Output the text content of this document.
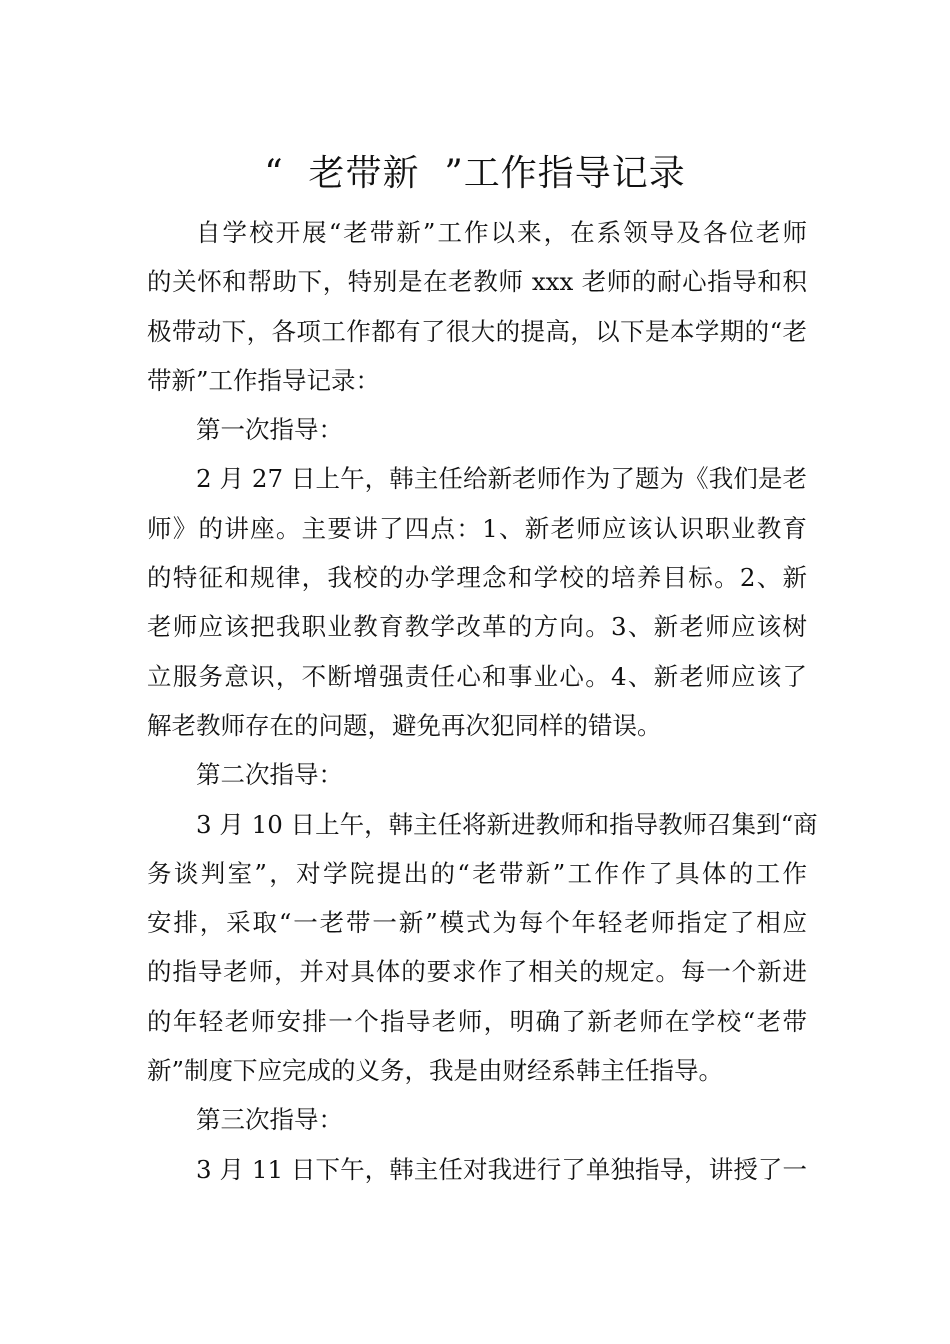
“  老带新  ”工作指导记录
自学校开展“老带新”工作以来，在系领导及各位老师
的关怀和帮助下，特别是在老教师 xxx 老师的耐心指导和积
极带动下，各项工作都有了很大的提高，以下是本学期的“老
带新”工作指导记录：
第一次指导：
2 月 27 日上午，韩主任给新老师作为了题为《我们是老
师》的讲座。主要讲了四点：1、新老师应该认识职业教育
的特征和规律，我校的办学理念和学校的培养目标。2、新
老师应该把我职业教育教学改革的方向。3、新老师应该树
立服务意识，不断增强责任心和事业心。4、新老师应该了
解老教师存在的问题，避免再次犯同样的错误。
第二次指导：
3 月 10 日上午，韩主任将新进教师和指导教师召集到“商
务谈判室”，对学院提出的“老带新”工作作了具体的工作
安排，采取“一老带一新”模式为每个年轻老师指定了相应
的指导老师，并对具体的要求作了相关的规定。每一个新进
的年轻老师安排一个指导老师，明确了新老师在学校“老带
新”制度下应完成的义务，我是由财经系韩主任指导。
第三次指导：
3 月 11 日下午，韩主任对我进行了单独指导，讲授了一
